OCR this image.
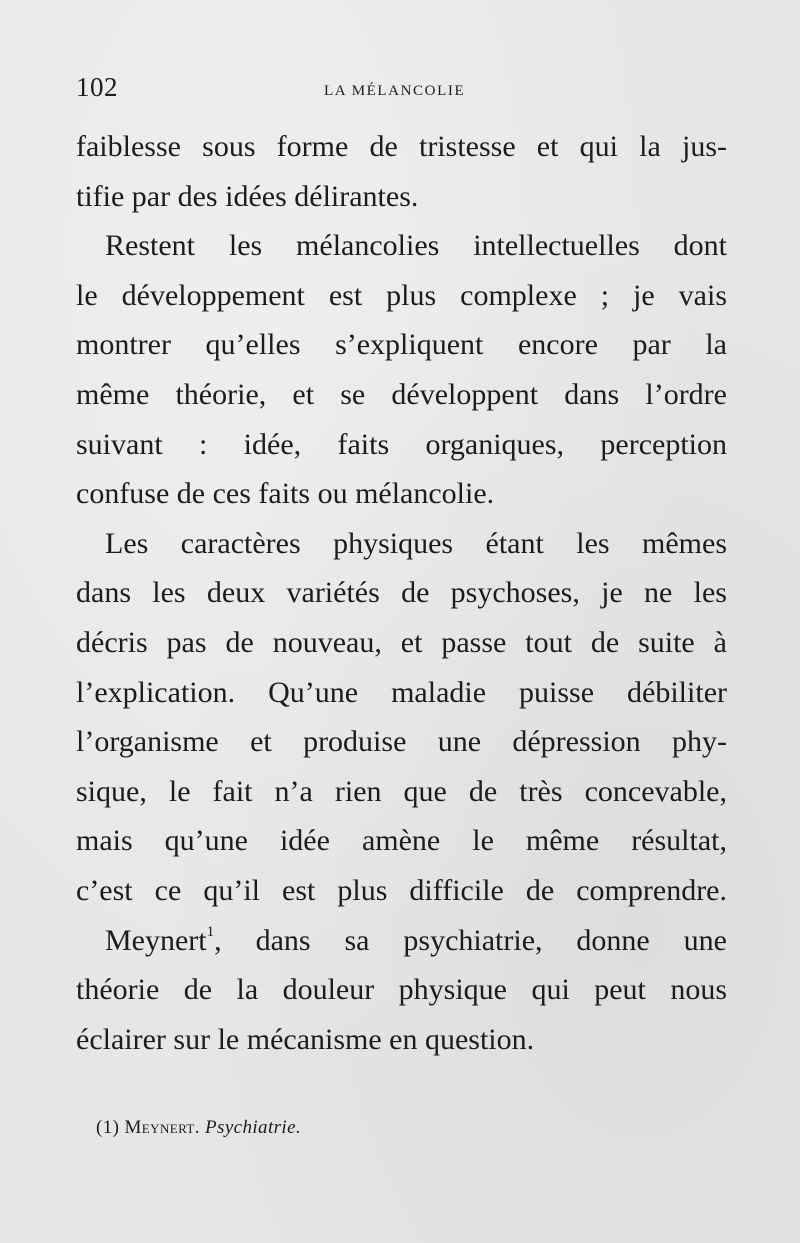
102	LA MÉLANCOLIE
faiblesse sous forme de tristesse et qui la jus-
tifie par des idées délirantes.
Restent les mélancolies intellectuelles dont
le développement est plus complexe ; je vais
montrer qu’elles s’expliquent encore par la
même théorie, et se développent dans l’ordre
suivant : idée, faits organiques, perception
confuse de ces faits ou mélancolie.
Les caractères physiques étant les mêmes
dans les deux variétés de psychoses, je ne les
décris pas de nouveau, et passe tout de suite à
l’explication. Qu’une maladie puisse débiliter
l’organisme et produise une dépression phy-
sique, le fait n’a rien que de très concevable,
mais qu’une idée amène le même résultat,
c’est ce qu’il est plus difficile de comprendre.
Meynert$^1$, dans sa psychiatrie, donne une
théorie de la douleur physique qui peut nous
éclairer sur le mécanisme en question.
(1) Meynert. Psychiatrie.
